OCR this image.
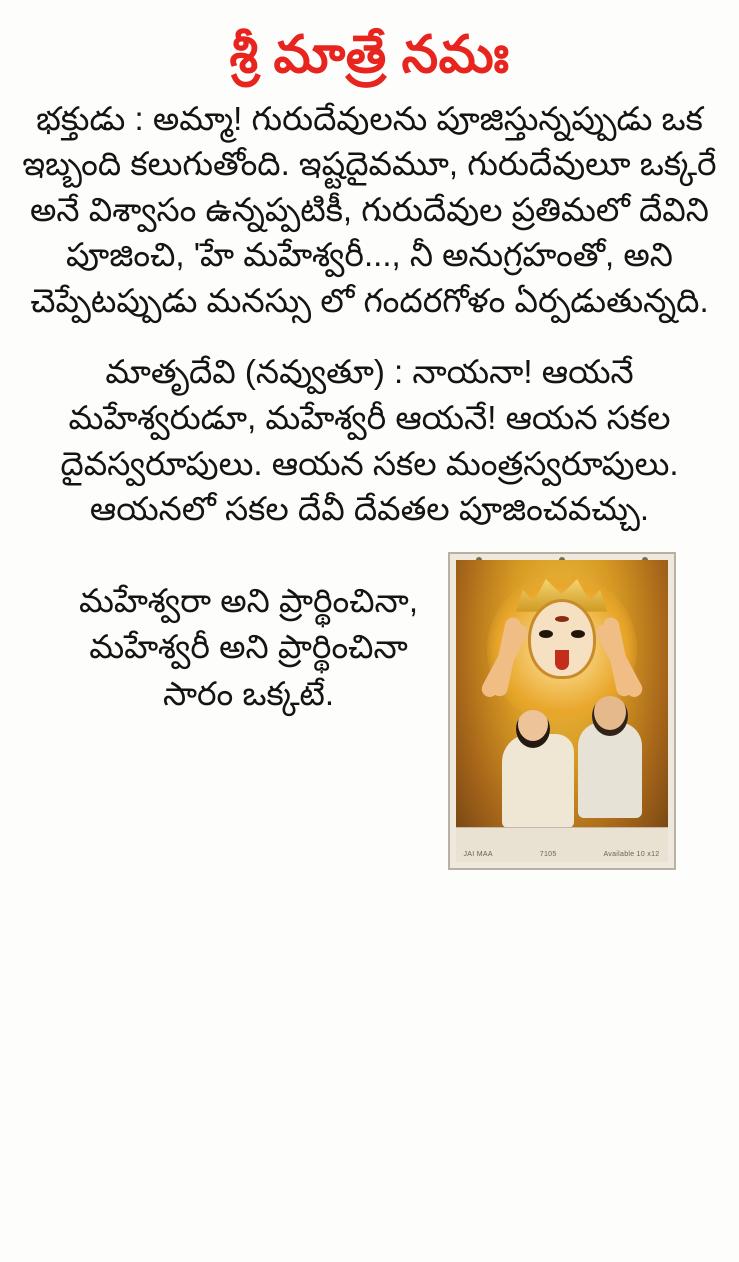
శ్రీ మాత్రే నమః

భక్తుడు : అమ్మా! గురుదేవులను పూజిస్తున్నప్పుడు ఒక ఇబ్బంది కలుగుతోంది. ఇష్టదైవమూ, గురుదేవులూ ఒక్కరే అనే విశ్వాసం ఉన్నప్పటికీ, గురుదేవుల ప్రతిమలో దేవిని పూజించి, 'హే మహేశ్వరీ..., నీ అనుగ్రహంతో, అని చెప్పేటప్పుడు మనస్సు లో గందరగోళం ఏర్పడుతున్నది.

మాతృదేవి (నవ్వుతూ) : నాయనా! ఆయనే మహేశ్వరుడూ, మహేశ్వరీ ఆయనే! ఆయన సకల దైవస్వరూపులు. ఆయన సకల మంత్రస్వరూపులు. ఆయనలో సకల దేవీ దేవతల పూజించవచ్చు.

మహేశ్వరా అని ప్రార్థించినా, మహేశ్వరీ అని ప్రార్థించినా సారం ఒక్కటే.
JAI MAA	7105	Available 10 x12
